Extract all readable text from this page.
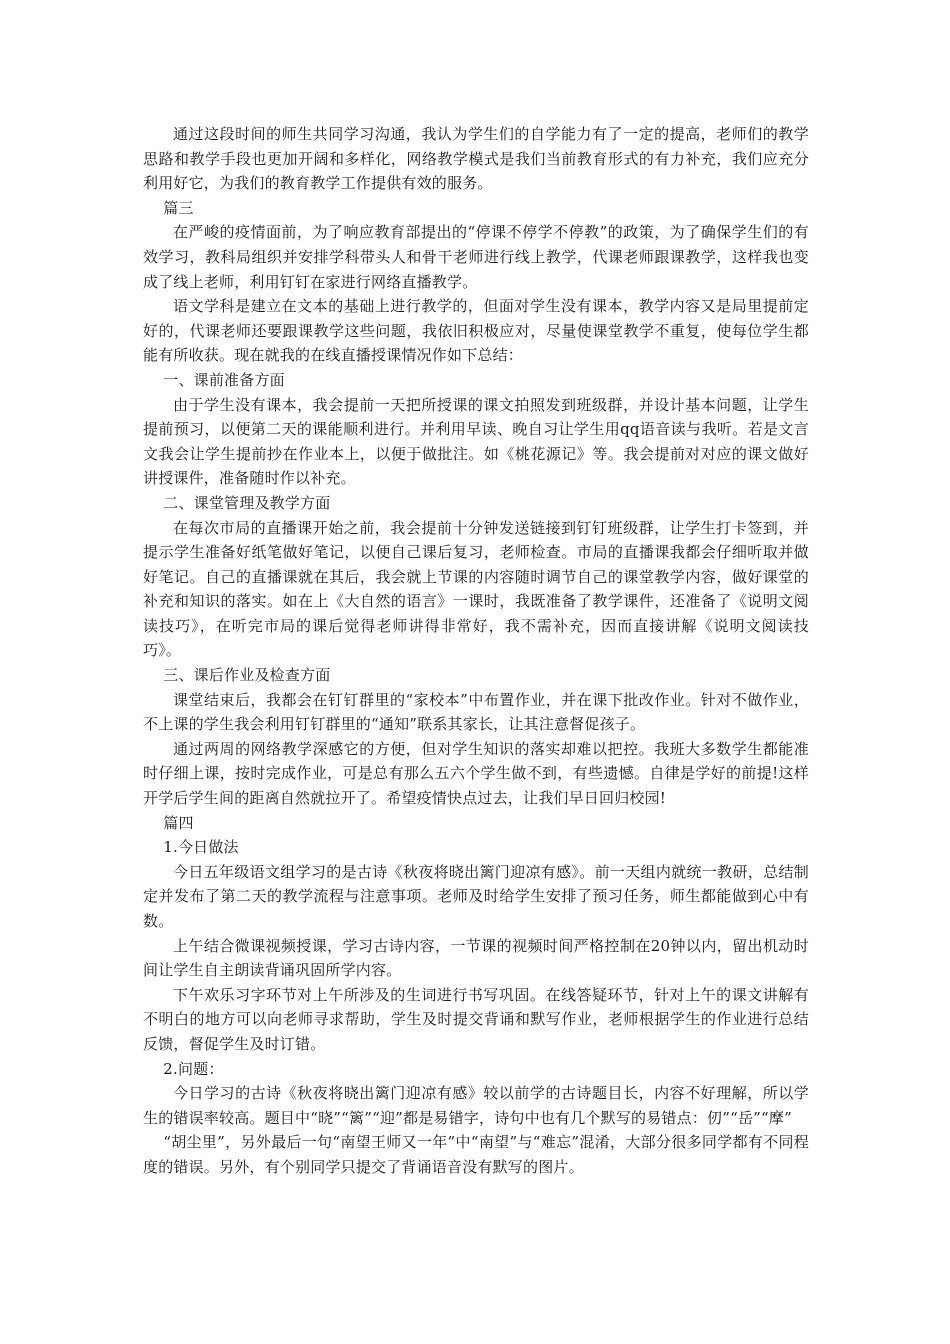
通过这段时间的师生共同学习沟通，我认为学生们的自学能力有了一定的提高，老师们的教学思路和教学手段也更加开阔和多样化，网络教学模式是我们当前教育形式的有力补充，我们应充分利用好它，为我们的教育教学工作提供有效的服务。

篇三

在严峻的疫情面前，为了响应教育部提出的“停课不停学不停教”的政策，为了确保学生们的有效学习，教科局组织并安排学科带头人和骨干老师进行线上教学，代课老师跟课教学，这样我也变成了线上老师，利用钉钉在家进行网络直播教学。

语文学科是建立在文本的基础上进行教学的，但面对学生没有课本，教学内容又是局里提前定好的，代课老师还要跟课教学这些问题，我依旧积极应对，尽量使课堂教学不重复，使每位学生都能有所收获。现在就我的在线直播授课情况作如下总结：

一、课前准备方面

由于学生没有课本，我会提前一天把所授课的课文拍照发到班级群，并设计基本问题，让学生提前预习，以便第二天的课能顺利进行。并利用早读、晚自习让学生用qq语音读与我听。若是文言文我会让学生提前抄在作业本上，以便于做批注。如《桃花源记》等。我会提前对对应的课文做好讲授课件，准备随时作以补充。

二、课堂管理及教学方面

在每次市局的直播课开始之前，我会提前十分钟发送链接到钉钉班级群，让学生打卡签到，并提示学生准备好纸笔做好笔记，以便自己课后复习，老师检查。市局的直播课我都会仔细听取并做好笔记。自己的直播课就在其后，我会就上节课的内容随时调节自己的课堂教学内容，做好课堂的补充和知识的落实。如在上《大自然的语言》一课时，我既准备了教学课件，还准备了《说明文阅读技巧》，在听完市局的课后觉得老师讲得非常好，我不需补充，因而直接讲解《说明文阅读技巧》。

三、课后作业及检查方面

课堂结束后，我都会在钉钉群里的“家校本”中布置作业，并在课下批改作业。针对不做作业，不上课的学生我会利用钉钉群里的“通知”联系其家长，让其注意督促孩子。

通过两周的网络教学深感它的方便，但对学生知识的落实却难以把控。我班大多数学生都能准时仔细上课，按时完成作业，可是总有那么五六个学生做不到，有些遗憾。自律是学好的前提!这样开学后学生间的距离自然就拉开了。希望疫情快点过去，让我们早日回归校园!

篇四

1.今日做法

今日五年级语文组学习的是古诗《秋夜将晓出篱门迎凉有感》。前一天组内就统一教研，总结制定并发布了第二天的教学流程与注意事项。老师及时给学生安排了预习任务，师生都能做到心中有数。

上午结合微课视频授课，学习古诗内容，一节课的视频时间严格控制在20钟以内，留出机动时间让学生自主朗读背诵巩固所学内容。

下午欢乐习字环节对上午所涉及的生词进行书写巩固。在线答疑环节，针对上午的课文讲解有不明白的地方可以向老师寻求帮助，学生及时提交背诵和默写作业，老师根据学生的作业进行总结反馈，督促学生及时订错。

2.问题：

今日学习的古诗《秋夜将晓出篱门迎凉有感》较以前学的古诗题目长，内容不好理解，所以学生的错误率较高。题目中“晓”“篱”“迎”都是易错字，诗句中也有几个默写的易错点：仞”“岳”“摩”

“胡尘里”，另外最后一句“南望王师又一年”中“南望”与“难忘”混淆，大部分很多同学都有不同程度的错误。另外，有个别同学只提交了背诵语音没有默写的图片。
